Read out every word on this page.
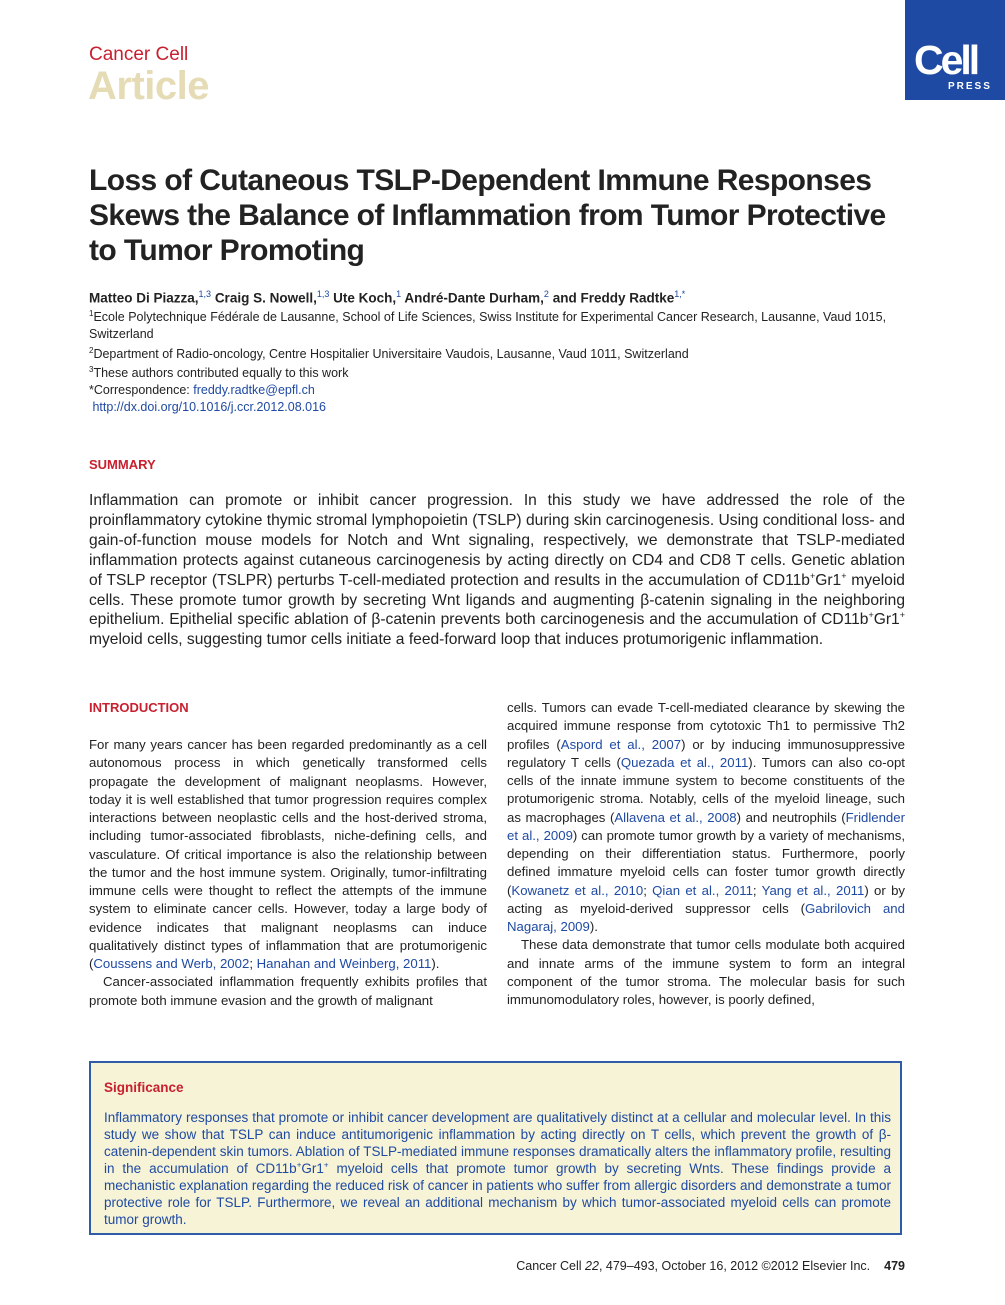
Cancer Cell
Article
Cell
PRESS
Loss of Cutaneous TSLP-Dependent Immune Responses Skews the Balance of Inflammation from Tumor Protective to Tumor Promoting
Matteo Di Piazza,$^{1,3}$ Craig S. Nowell,$^{1,3}$ Ute Koch,$^1$ André-Dante Durham,$^2$ and Freddy Radtke$^{1,*}$
$^1$Ecole Polytechnique Fédérale de Lausanne, School of Life Sciences, Swiss Institute for Experimental Cancer Research, Lausanne, Vaud 1015, Switzerland
$^2$Department of Radio-oncology, Centre Hospitalier Universitaire Vaudois, Lausanne, Vaud 1011, Switzerland
$^3$These authors contributed equally to this work
*Correspondence: freddy.radtke@epfl.ch
http://dx.doi.org/10.1016/j.ccr.2012.08.016
SUMMARY

Inflammation can promote or inhibit cancer progression. In this study we have addressed the role of the proinflammatory cytokine thymic stromal lymphopoietin (TSLP) during skin carcinogenesis. Using conditional loss- and gain-of-function mouse models for Notch and Wnt signaling, respectively, we demonstrate that TSLP-mediated inflammation protects against cutaneous carcinogenesis by acting directly on CD4 and CD8 T cells. Genetic ablation of TSLP receptor (TSLPR) perturbs T-cell-mediated protection and results in the accumulation of CD11b+Gr1+ myeloid cells. These promote tumor growth by secreting Wnt ligands and augmenting β-catenin signaling in the neighboring epithelium. Epithelial specific ablation of β-catenin prevents both carcinogenesis and the accumulation of CD11b+Gr1+ myeloid cells, suggesting tumor cells initiate a feed-forward loop that induces protumorigenic inflammation.

INTRODUCTION

For many years cancer has been regarded predominantly as a cell autonomous process in which genetically transformed cells propagate the development of malignant neoplasms. However, today it is well established that tumor progression requires complex interactions between neoplastic cells and the host-derived stroma, including tumor-associated fibroblasts, niche-defining cells, and vasculature. Of critical importance is also the relationship between the tumor and the host immune system. Originally, tumor-infiltrating immune cells were thought to reflect the attempts of the immune system to eliminate cancer cells. However, today a large body of evidence indicates that malignant neoplasms can induce qualitatively distinct types of inflammation that are protumorigenic (Coussens and Werb, 2002; Hanahan and Weinberg, 2011).

Cancer-associated inflammation frequently exhibits profiles that promote both immune evasion and the growth of malignant

cells. Tumors can evade T-cell-mediated clearance by skewing the acquired immune response from cytotoxic Th1 to permissive Th2 profiles (Aspord et al., 2007) or by inducing immunosuppressive regulatory T cells (Quezada et al., 2011). Tumors can also co-opt cells of the innate immune system to become constituents of the protumorigenic stroma. Notably, cells of the myeloid lineage, such as macrophages (Allavena et al., 2008) and neutrophils (Fridlender et al., 2009) can promote tumor growth by a variety of mechanisms, depending on their differentiation status. Furthermore, poorly defined immature myeloid cells can foster tumor growth directly (Kowanetz et al., 2010; Qian et al., 2011; Yang et al., 2011) or by acting as myeloid-derived suppressor cells (Gabrilovich and Nagaraj, 2009).

These data demonstrate that tumor cells modulate both acquired and innate arms of the immune system to form an integral component of the tumor stroma. The molecular basis for such immunomodulatory roles, however, is poorly defined,

Significance

Inflammatory responses that promote or inhibit cancer development are qualitatively distinct at a cellular and molecular level. In this study we show that TSLP can induce antitumorigenic inflammation by acting directly on T cells, which prevent the growth of β-catenin-dependent skin tumors. Ablation of TSLP-mediated immune responses dramatically alters the inflammatory profile, resulting in the accumulation of CD11b+Gr1+ myeloid cells that promote tumor growth by secreting Wnts. These findings provide a mechanistic explanation regarding the reduced risk of cancer in patients who suffer from allergic disorders and demonstrate a tumor protective role for TSLP. Furthermore, we reveal an additional mechanism by which tumor-associated myeloid cells can promote tumor growth.

Cancer Cell 22, 479–493, October 16, 2012 ©2012 Elsevier Inc. 479
